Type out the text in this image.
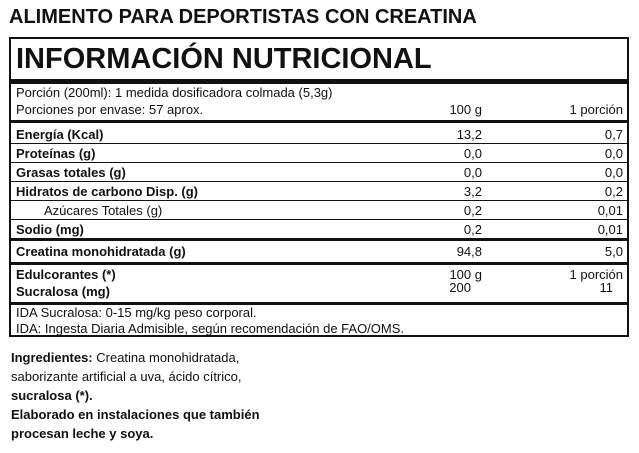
ALIMENTO PARA DEPORTISTAS CON CREATINA
INFORMACIÓN NUTRICIONAL
Porción (200ml): 1 medida dosificadora colmada (5,3g)
Porciones por envase: 57 aprox.	100 g	1 porción
Energía (Kcal)	13,2	0,7
Proteínas (g)	0,0	0,0
Grasas totales (g)	0,0	0,0
Hidratos de carbono Disp. (g)	3,2	0,2
Azúcares Totales (g)	0,2	0,01
Sodio (mg)	0,2	0,01
Creatina monohidratada (g)	94,8	5,0
Edulcorantes (*)	100 g	1 porción
Sucralosa (mg)	200	11
IDA Sucralosa: 0-15 mg/kg peso corporal.
IDA: Ingesta Diaria Admisible, según recomendación de FAO/OMS.
Ingredientes: Creatina monohidratada,
saborizante artificial a uva, ácido cítrico,
sucralosa (*).
Elaborado en instalaciones que también
procesan leche y soya.
